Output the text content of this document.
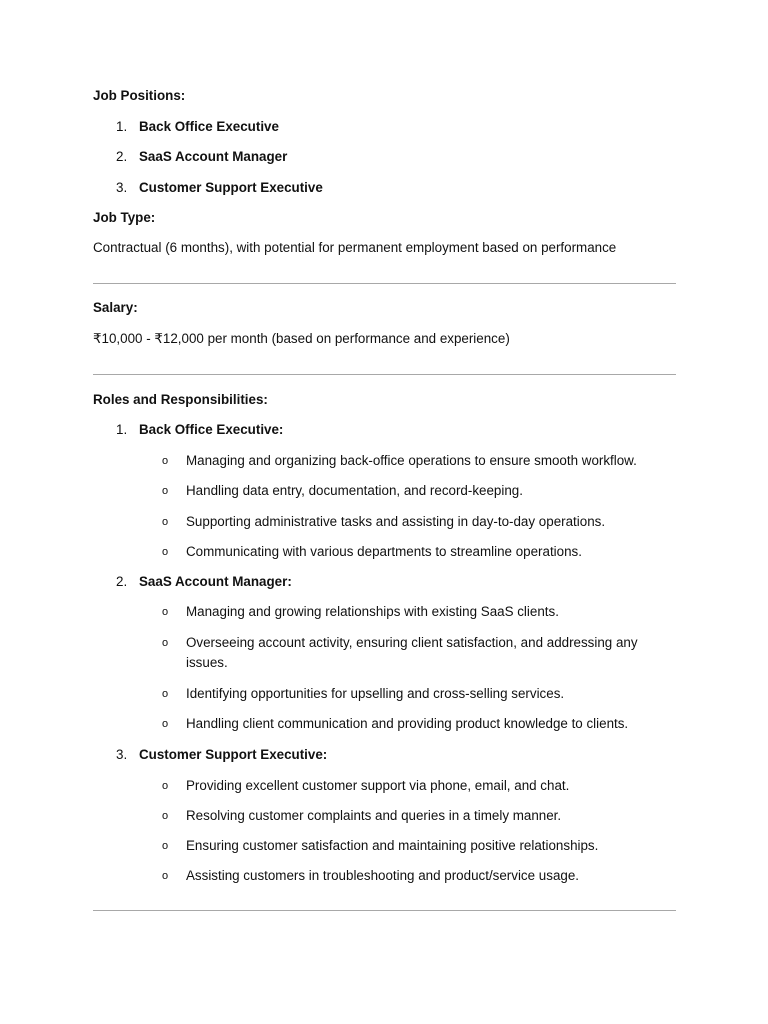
Job Positions:
1. Back Office Executive
2. SaaS Account Manager
3. Customer Support Executive
Job Type:
Contractual (6 months), with potential for permanent employment based on performance
Salary:
₹10,000 - ₹12,000 per month (based on performance and experience)
Roles and Responsibilities:
1. Back Office Executive:
o Managing and organizing back-office operations to ensure smooth workflow.
o Handling data entry, documentation, and record-keeping.
o Supporting administrative tasks and assisting in day-to-day operations.
o Communicating with various departments to streamline operations.
2. SaaS Account Manager:
o Managing and growing relationships with existing SaaS clients.
o Overseeing account activity, ensuring client satisfaction, and addressing any issues.
o Identifying opportunities for upselling and cross-selling services.
o Handling client communication and providing product knowledge to clients.
3. Customer Support Executive:
o Providing excellent customer support via phone, email, and chat.
o Resolving customer complaints and queries in a timely manner.
o Ensuring customer satisfaction and maintaining positive relationships.
o Assisting customers in troubleshooting and product/service usage.
